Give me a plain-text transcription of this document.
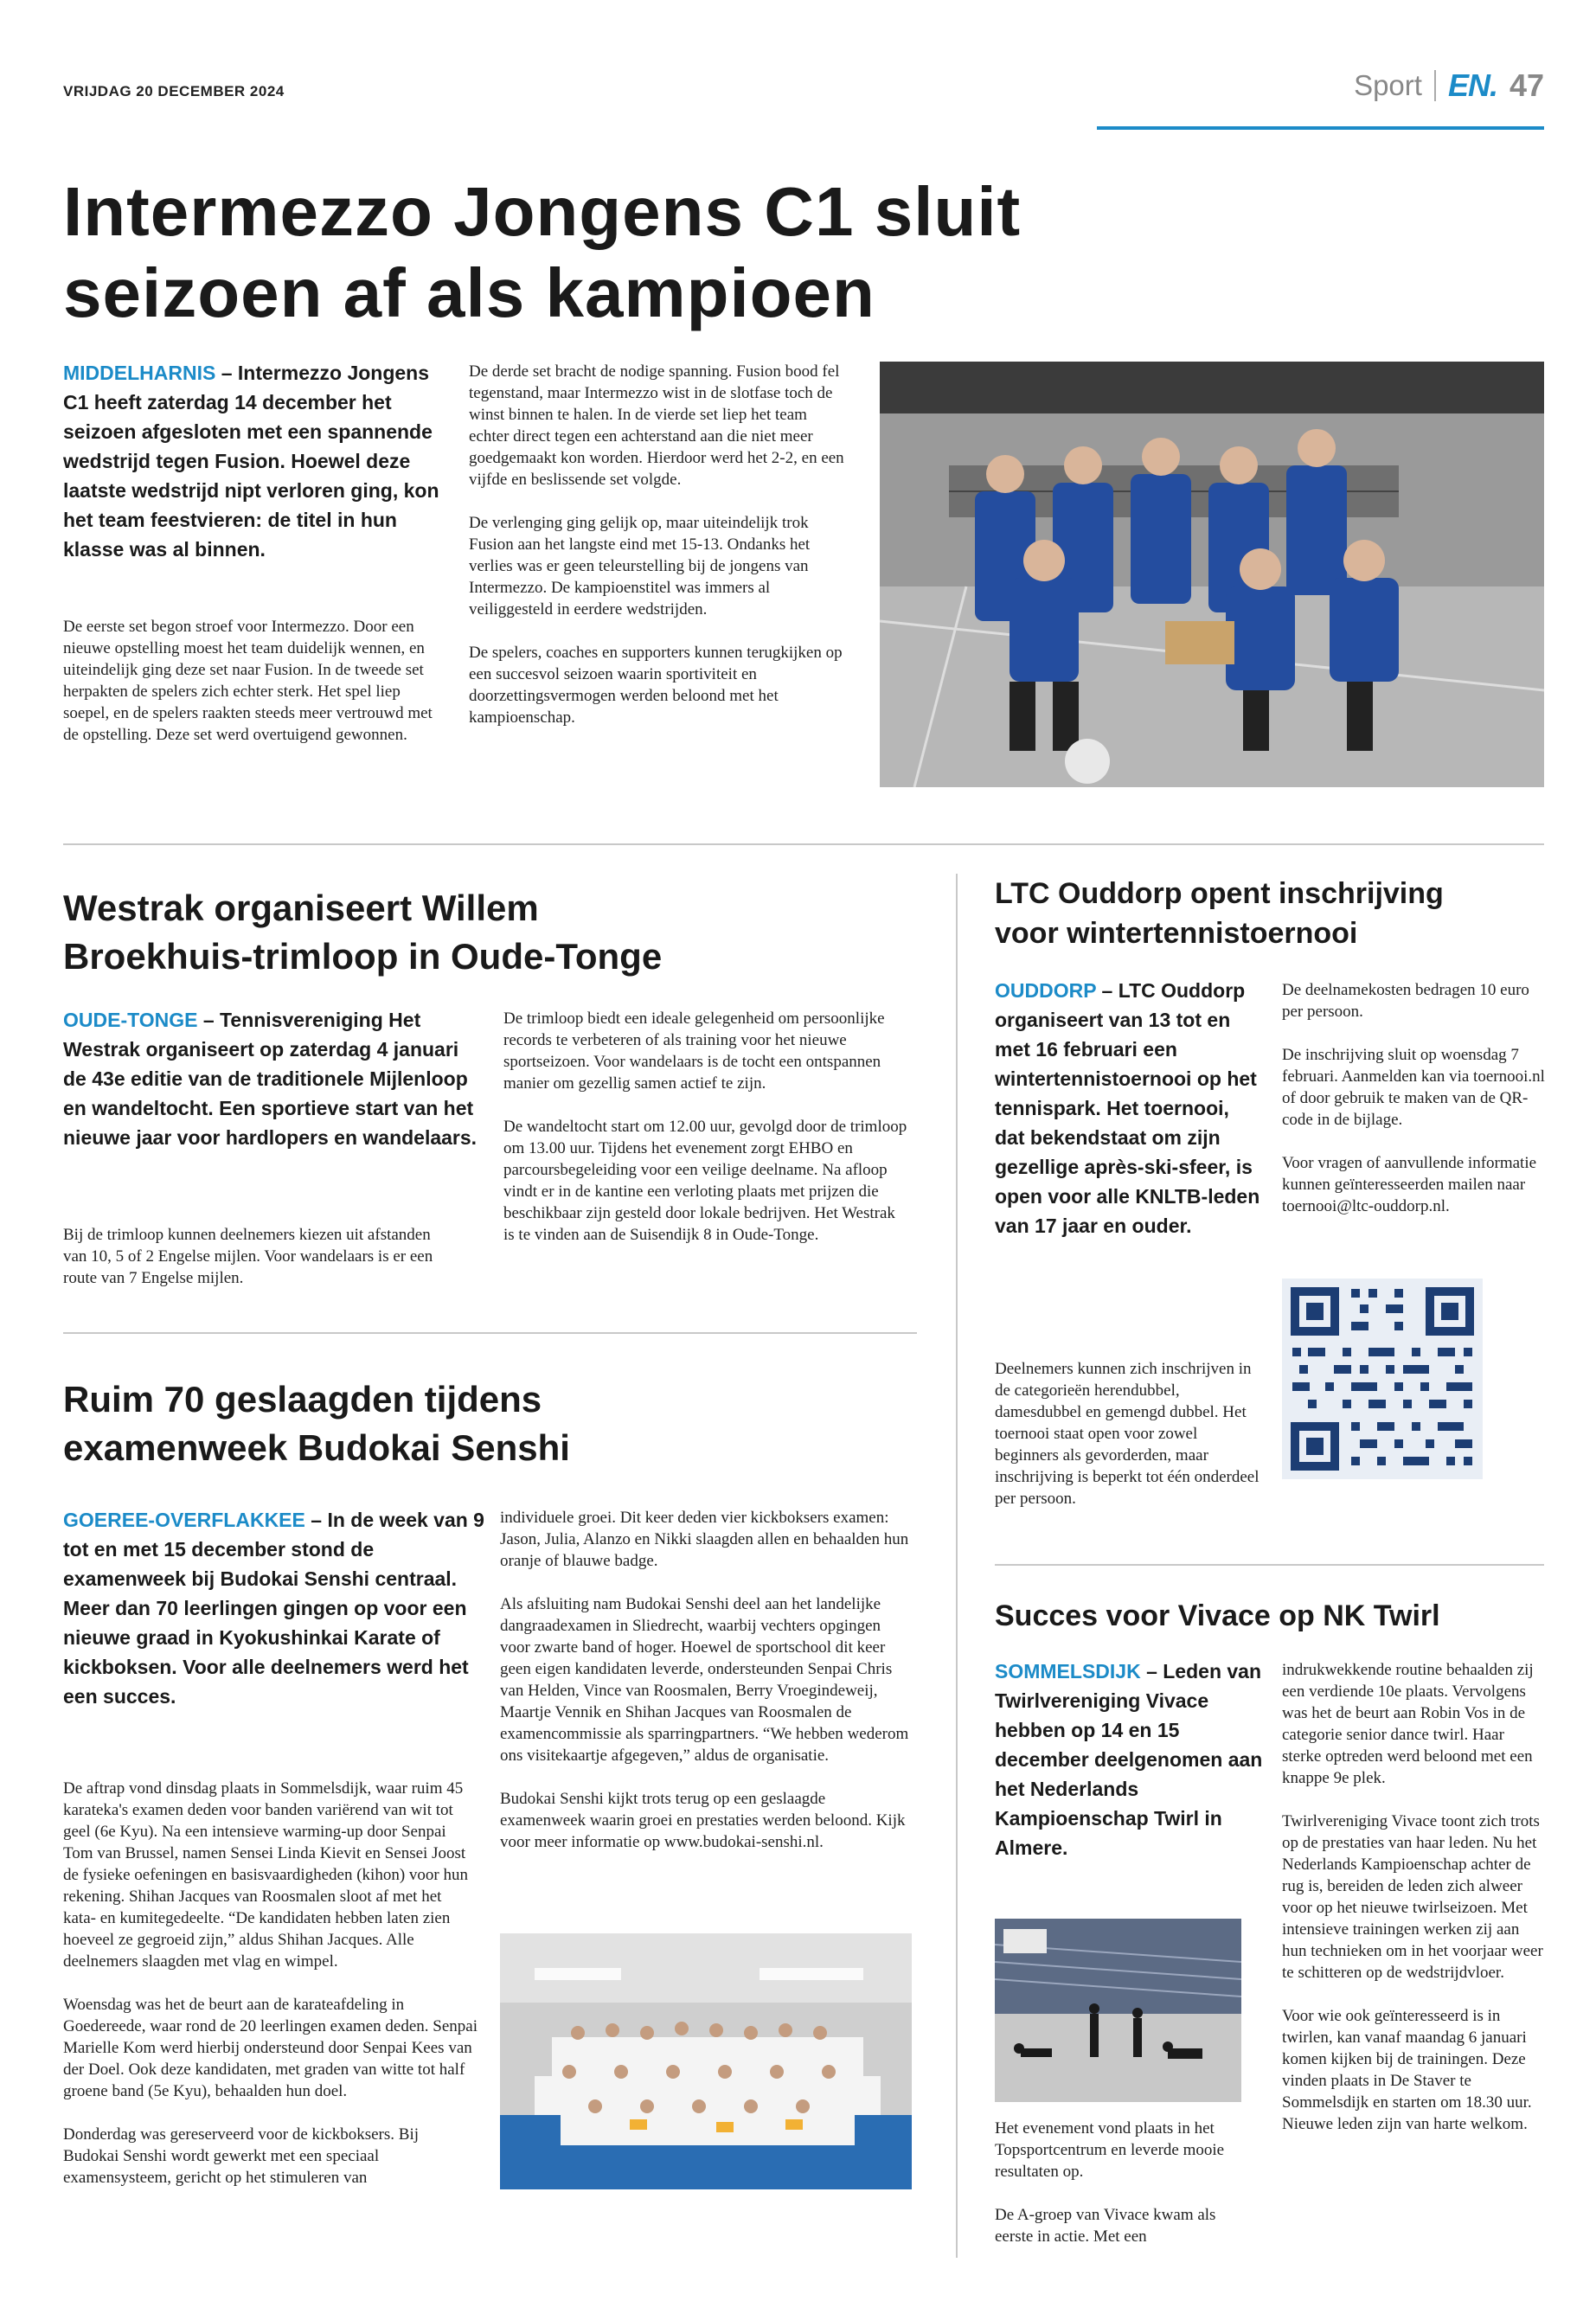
VRIJDAG 20 DECEMBER 2024	Sport EN. 47
Intermezzo Jongens C1 sluit
seizoen af als kampioen
MIDDELHARNIS – Intermezzo Jongens C1 heeft zaterdag 14 december het seizoen afgesloten met een spannende wedstrijd tegen Fusion. Hoewel deze laatste wedstrijd nipt verloren ging, kon het team feestvieren: de titel in hun klasse was al binnen.

De eerste set begon stroef voor Intermezzo. Door een nieuwe opstelling moest het team duidelijk wennen, en uiteindelijk ging deze set naar Fusion. In de tweede set herpakten de spelers zich echter sterk. Het spel liep soepel, en de spelers raakten steeds meer vertrouwd met de opstelling. Deze set werd overtuigend gewonnen.

De derde set bracht de nodige spanning. Fusion bood fel tegenstand, maar Intermezzo wist in de slotfase toch de winst binnen te halen. In de vierde set liep het team echter direct tegen een achterstand aan die niet meer goedgemaakt kon worden. Hierdoor werd het 2-2, en een vijfde en beslissende set volgde.

De verlenging ging gelijk op, maar uiteindelijk trok Fusion aan het langste eind met 15-13. Ondanks het verlies was er geen teleurstelling bij de jongens van Intermezzo. De kampioenstitel was immers al veiliggesteld in eerdere wedstrijden.

De spelers, coaches en supporters kunnen terugkijken op een succesvol seizoen waarin sportiviteit en doorzettingsvermogen werden beloond met het kampioenschap.

Westrak organiseert Willem
Broekhuis-trimloop in Oude-Tonge
OUDE-TONGE – Tennisvereniging Het Westrak organiseert op zaterdag 4 januari de 43e editie van de traditionele Mijlenloop en wandeltocht. Een sportieve start van het nieuwe jaar voor hardlopers en wandelaars.

Bij de trimloop kunnen deelnemers kiezen uit afstanden van 10, 5 of 2 Engelse mijlen. Voor wandelaars is er een route van 7 Engelse mijlen.

De trimloop biedt een ideale gelegenheid om persoonlijke records te verbeteren of als training voor het nieuwe sportseizoen. Voor wandelaars is de tocht een ontspannen manier om gezellig samen actief te zijn.

De wandeltocht start om 12.00 uur, gevolgd door de trimloop om 13.00 uur. Tijdens het evenement zorgt EHBO en parcoursbegeleiding voor een veilige deelname. Na afloop vindt er in de kantine een verloting plaats met prijzen die beschikbaar zijn gesteld door lokale bedrijven. Het Westrak is te vinden aan de Suisendijk 8 in Oude-Tonge.

Ruim 70 geslaagden tijdens
examenweek Budokai Senshi
GOEREE-OVERFLAKKEE – In de week van 9 tot en met 15 december stond de examenweek bij Budokai Senshi centraal. Meer dan 70 leerlingen gingen op voor een nieuwe graad in Kyokushinkai Karate of kickboksen. Voor alle deelnemers werd het een succes.

De aftrap vond dinsdag plaats in Sommelsdijk, waar ruim 45 karateka's examen deden voor banden variërend van wit tot geel (6e Kyu). Na een intensieve warming-up door Senpai Tom van Brussel, namen Sensei Linda Kievit en Sensei Joost de fysieke oefeningen en basisvaardigheden (kihon) voor hun rekening. Shihan Jacques van Roosmalen sloot af met het kata- en kumitegedeelte. “De kandidaten hebben laten zien hoeveel ze gegroeid zijn,” aldus Shihan Jacques. Alle deelnemers slaagden met vlag en wimpel.

Woensdag was het de beurt aan de karateafdeling in Goedereede, waar rond de 20 leerlingen examen deden. Senpai Marielle Kom werd hierbij ondersteund door Senpai Kees van der Doel. Ook deze kandidaten, met graden van witte tot half groene band (5e Kyu), behaalden hun doel.

Donderdag was gereserveerd voor de kickboksers. Bij Budokai Senshi wordt gewerkt met een speciaal examensysteem, gericht op het stimuleren van

individuele groei. Dit keer deden vier kickboksers examen: Jason, Julia, Alanzo en Nikki slaagden allen en behaalden hun oranje of blauwe badge.

Als afsluiting nam Budokai Senshi deel aan het landelijke dangraadexamen in Sliedrecht, waarbij vechters opgingen voor zwarte band of hoger. Hoewel de sportschool dit keer geen eigen kandidaten leverde, ondersteunden Senpai Chris van Helden, Vince van Roosmalen, Berry Vroegindeweij, Maartje Vennik en Shihan Jacques van Roosmalen de examencommissie als sparringpartners. “We hebben wederom ons visitekaartje afgegeven,” aldus de organisatie.

Budokai Senshi kijkt trots terug op een geslaagde examenweek waarin groei en prestaties werden beloond. Kijk voor meer informatie op www.budokai-senshi.nl.

LTC Ouddorp opent inschrijving
voor wintertennistoernooi
OUDDORP – LTC Ouddorp organiseert van 13 tot en met 16 februari een wintertennistoernooi op het tennispark. Het toernooi, dat bekendstaat om zijn gezellige après-ski-sfeer, is open voor alle KNLTB-leden van 17 jaar en ouder.

Deelnemers kunnen zich inschrijven in de categorieën herendubbel, damesdubbel en gemengd dubbel. Het toernooi staat open voor zowel beginners als gevorderden, maar inschrijving is beperkt tot één onderdeel per persoon.

De deelnamekosten bedragen 10 euro per persoon.

De inschrijving sluit op woensdag 7 februari. Aanmelden kan via toernooi.nl of door gebruik te maken van de QR-code in de bijlage.

Voor vragen of aanvullende informatie kunnen geïnteresseerden mailen naar toernooi@ltc-ouddorp.nl.

Succes voor Vivace op NK Twirl
SOMMELSDIJK – Leden van Twirlvereniging Vivace hebben op 14 en 15 december deelgenomen aan het Nederlands Kampioenschap Twirl in Almere.

Het evenement vond plaats in het Topsportcentrum en leverde mooie resultaten op.

De A-groep van Vivace kwam als eerste in actie. Met een

indrukwekkende routine behaalden zij een verdiende 10e plaats. Vervolgens was het de beurt aan Robin Vos in de categorie senior dance twirl. Haar sterke optreden werd beloond met een knappe 9e plek.

Twirlvereniging Vivace toont zich trots op de prestaties van haar leden. Nu het Nederlands Kampioenschap achter de rug is, bereiden de leden zich alweer voor op het nieuwe twirlseizoen. Met intensieve trainingen werken zij aan hun technieken om in het voorjaar weer te schitteren op de wedstrijdvloer.

Voor wie ook geïnteresseerd is in twirlen, kan vanaf maandag 6 januari komen kijken bij de trainingen. Deze vinden plaats in De Staver te Sommelsdijk en starten om 18.30 uur. Nieuwe leden zijn van harte welkom.
